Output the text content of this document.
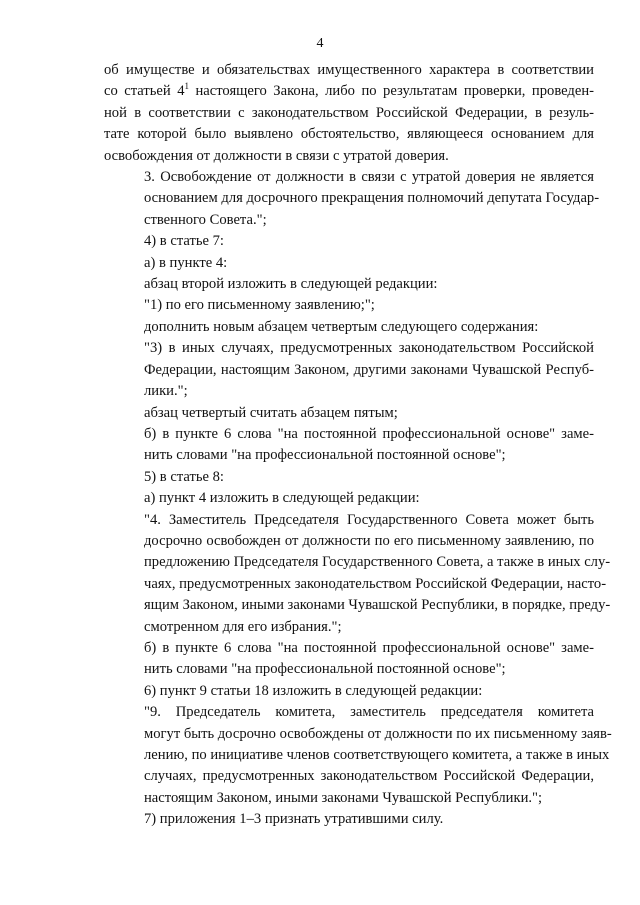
4

об имуществе и обязательствах имущественного характера в соответствии
со статьей $4^1$ настоящего Закона, либо по результатам проверки, проведен-
ной в соответствии с законодательством Российской Федерации, в резуль-
тате которой было выявлено обстоятельство, являющееся основанием для
освобождения от должности в связи с утратой доверия.

3. Освобождение от должности в связи с утратой доверия не является
основанием для досрочного прекращения полномочий депутата Государ-
ственного Совета.";

4) в статье 7:

а) в пункте 4:

абзац второй изложить в следующей редакции:

"1) по его письменному заявлению;";

дополнить новым абзацем четвертым следующего содержания:

"3) в иных случаях, предусмотренных законодательством Российской
Федерации, настоящим Законом, другими законами Чувашской Респуб-
лики.";

абзац четвертый считать абзацем пятым;

б) в пункте 6 слова "на постоянной профессиональной основе" заме-
нить словами "на профессиональной постоянной основе";

5) в статье 8:

а) пункт 4 изложить в следующей редакции:

"4. Заместитель Председателя Государственного Совета может быть
досрочно освобожден от должности по его письменному заявлению, по
предложению Председателя Государственного Совета, а также в иных слу-
чаях, предусмотренных законодательством Российской Федерации, насто-
ящим Законом, иными законами Чувашской Республики, в порядке, преду-
смотренном для его избрания.";

б) в пункте 6 слова "на постоянной профессиональной основе" заме-
нить словами "на профессиональной постоянной основе";

6) пункт 9 статьи 18 изложить в следующей редакции:

"9. Председатель комитета, заместитель председателя комитета
могут быть досрочно освобождены от должности по их письменному заяв-
лению, по инициативе членов соответствующего комитета, а также в иных
случаях, предусмотренных законодательством Российской Федерации,
настоящим Законом, иными законами Чувашской Республики.";

7) приложения 1–3 признать утратившими силу.
